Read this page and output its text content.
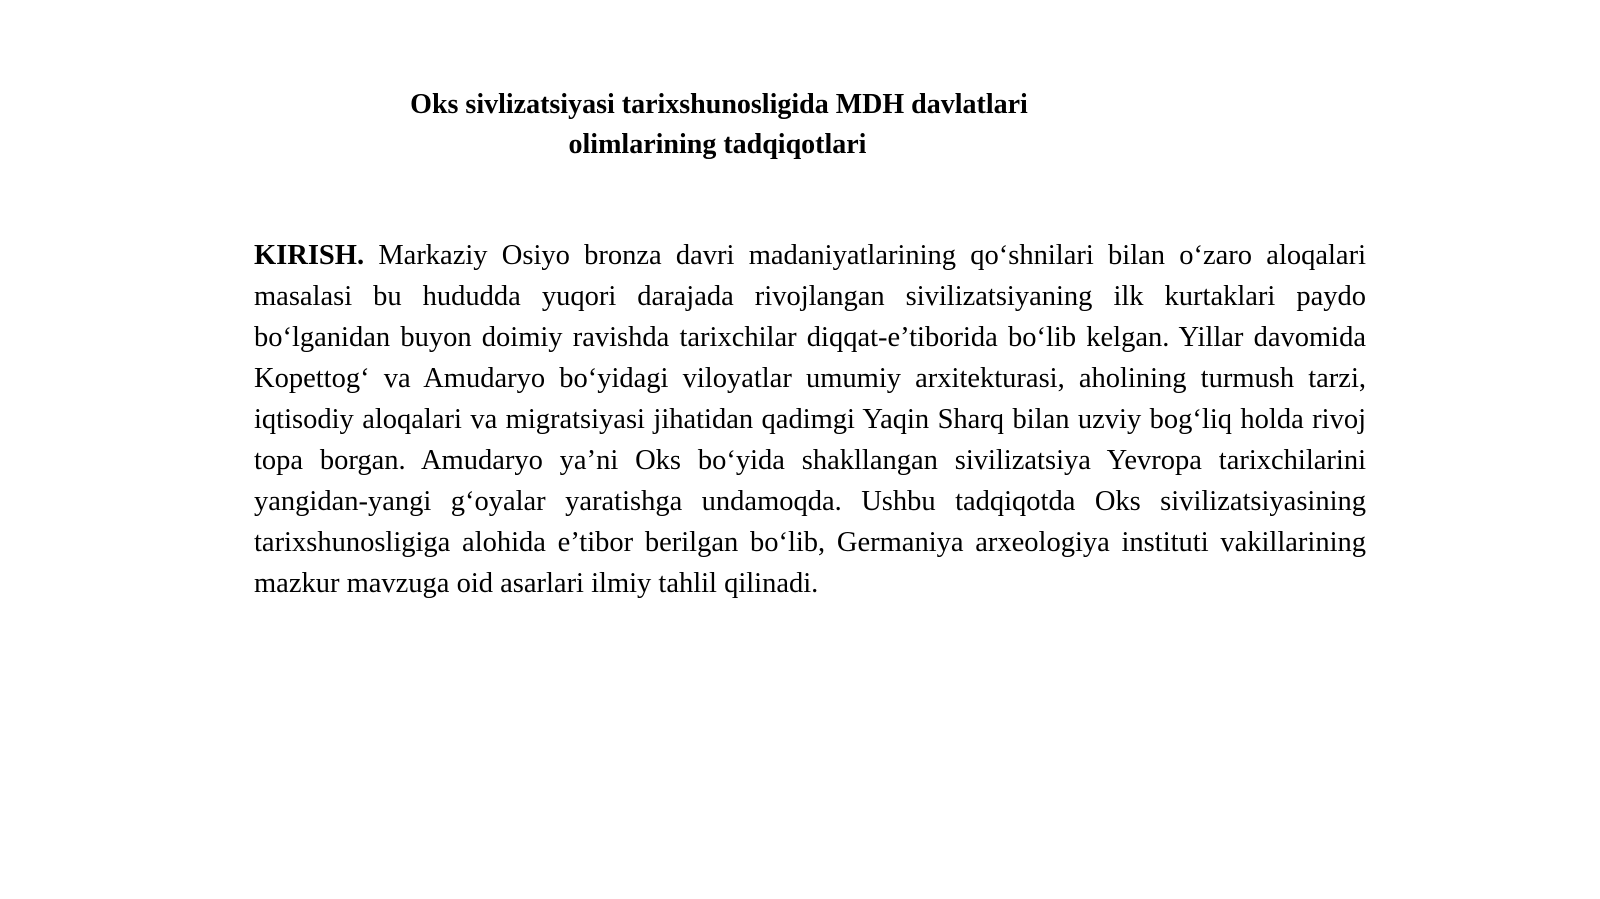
Oks sivlizatsiyasi tarixshunosligida MDH davlatlari
olimlarining tadqiqotlari

KIRISH. Markaziy Osiyo bronza davri madaniyatlarining qo‘shnilari bilan o‘zaro aloqalari masalasi bu hududda yuqori darajada rivojlangan sivilizatsiyaning ilk kurtaklari paydo bo‘lganidan buyon doimiy ravishda tarixchilar diqqat-e’tiborida bo‘lib kelgan. Yillar davomida Kopettog‘ va Amudaryo bo‘yidagi viloyatlar umumiy arxitekturasi, aholining turmush tarzi, iqtisodiy aloqalari va migratsiyasi jihatidan qadimgi Yaqin Sharq bilan uzviy bog‘liq holda rivoj topa borgan. Amudaryo ya’ni Oks bo‘yida shakllangan sivilizatsiya Yevropa tarixchilarini yangidan-yangi g‘oyalar yaratishga undamoqda. Ushbu tadqiqotda Oks sivilizatsiyasining tarixshunosligiga alohida e’tibor berilgan bo‘lib, Germaniya arxeologiya instituti vakillarining mazkur mavzuga oid asarlari ilmiy tahlil qilinadi.
